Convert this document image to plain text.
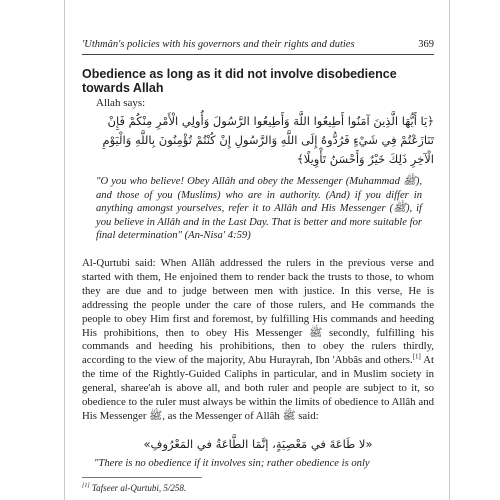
'Uthmân's policies with his governors and their rights and duties	369
Obedience as long as it did not involve disobedience towards Allah
Allah says:
﴿يَا أَيُّهَا الَّذِينَ آمَنُوا أَطِيعُوا اللَّهَ وَأَطِيعُوا الرَّسُولَ وَأُولِي الْأَمْرِ مِنْكُمْ فَإِنْ تَنَازَعْتُمْ فِي شَيْءٍ فَرُدُّوهُ إِلَى اللَّهِ وَالرَّسُولِ إِنْ كُنْتُمْ تُؤْمِنُونَ بِاللَّهِ وَالْيَوْمِ الْآخِرِ ذَلِكَ خَيْرٌ وَأَحْسَنُ تَأْوِيلًا﴾
"O you who believe! Obey Allâh and obey the Messenger (Muhammad ﷺ), and those of you (Muslims) who are in authority. (And) if you differ in anything amongst yourselves, refer it to Allâh and His Messenger (ﷺ), if you believe in Allâh and in the Last Day. That is better and more suitable for final determination" (An-Nisa' 4:59)

Al-Qurtubi said: When Allâh addressed the rulers in the previous verse and started with them, He enjoined them to render back the trusts to those, to whom they are due and to judge between men with justice. In this verse, He is addressing the people under the care of those rulers, and He commands the people to obey Him first and foremost, by fulfilling His commands and heeding His prohibitions, then to obey His Messenger ﷺ secondly, fulfilling his commands and heeding his prohibitions, then to obey the rulers thirdly, according to the view of the majority, Abu Hurayrah, Ibn 'Abbâs and others.[1] At the time of the Rightly-Guided Caliphs in particular, and in Muslim society in general, sharee'ah is above all, and both ruler and people are subject to it, so obedience to the ruler must always be within the limits of obedience to Allâh and His Messenger ﷺ, as the Messenger of Allâh ﷺ said:

«لا طَاعَةَ في مَعْصِيَةٍ، إنَّمَا الطَّاعَةُ في المَعْرُوفِ»
"There is no obedience if it involves sin; rather obedience is only
[1] Tafseer al-Qurtubi, 5/258.
